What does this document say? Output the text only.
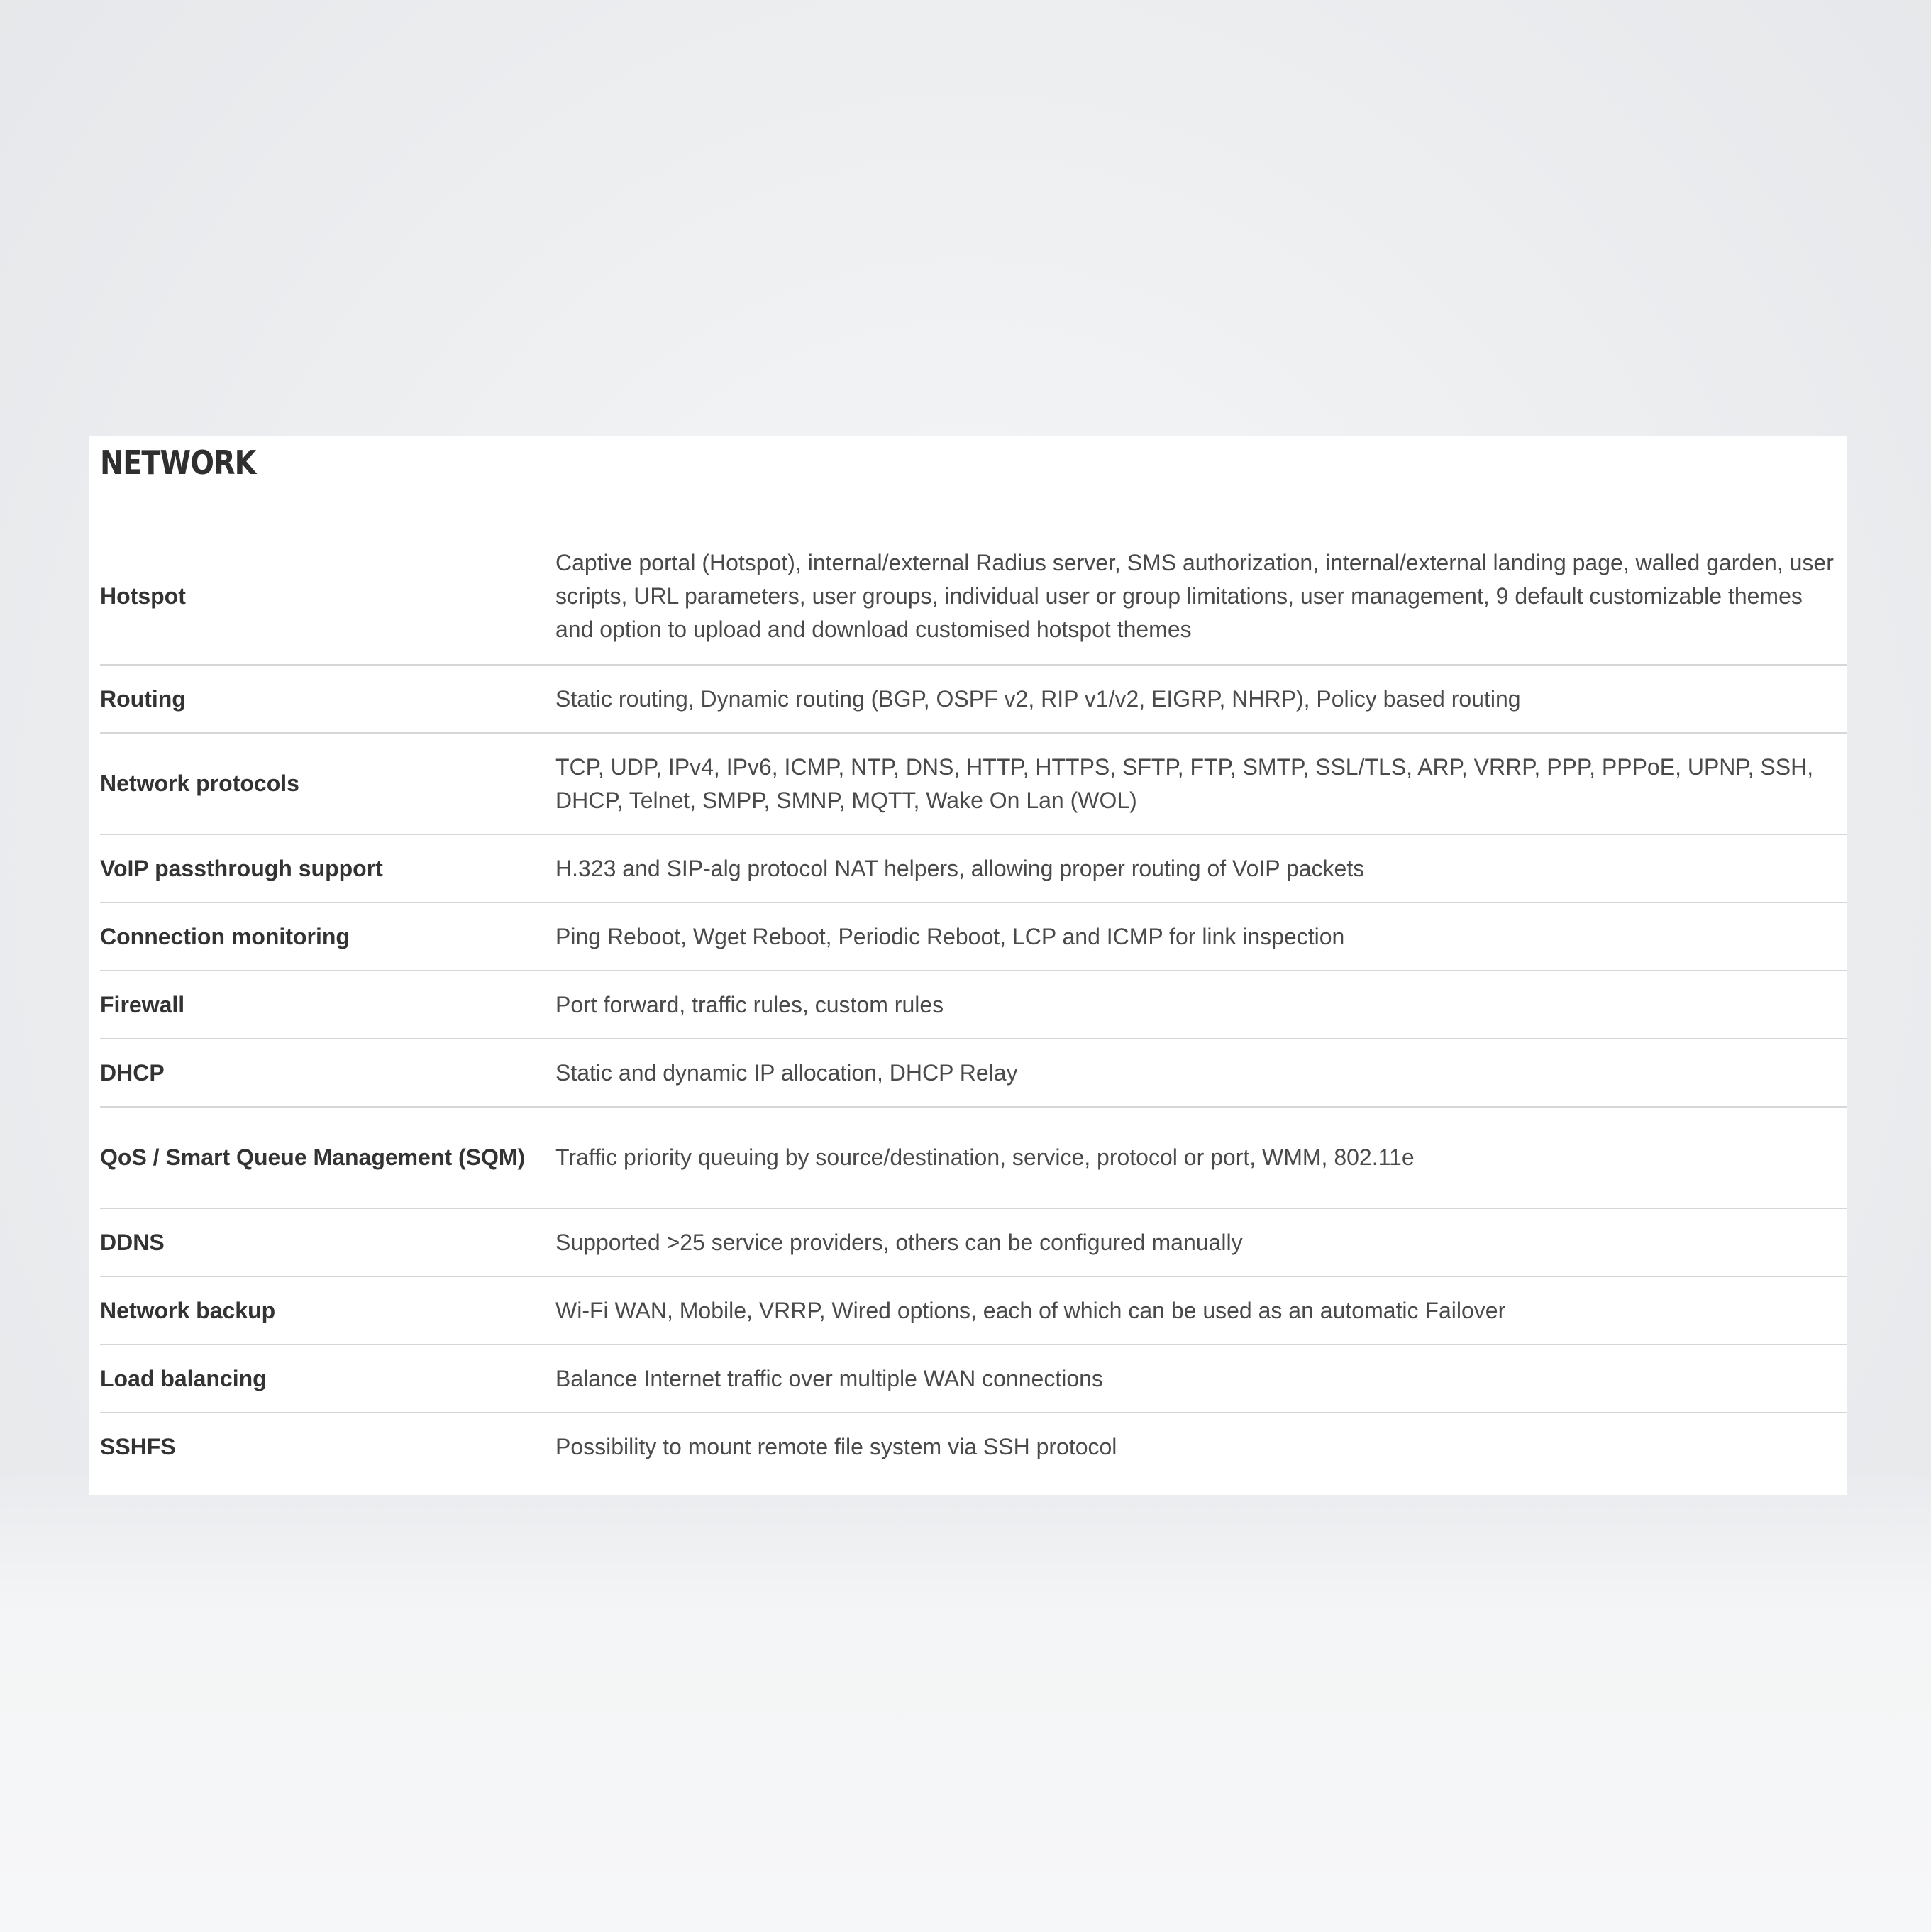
NETWORK
Hotspot	Captive portal (Hotspot), internal/external Radius server, SMS authorization, internal/external landing page, walled garden, user scripts, URL parameters, user groups, individual user or group limitations, user management, 9 default customizable themes and option to upload and download customised hotspot themes
Routing	Static routing, Dynamic routing (BGP, OSPF v2, RIP v1/v2, EIGRP, NHRP), Policy based routing
Network protocols	TCP, UDP, IPv4, IPv6, ICMP, NTP, DNS, HTTP, HTTPS, SFTP, FTP, SMTP, SSL/TLS, ARP, VRRP, PPP, PPPoE, UPNP, SSH, DHCP, Telnet, SMPP, SMNP, MQTT, Wake On Lan (WOL)
VoIP passthrough support	H.323 and SIP-alg protocol NAT helpers, allowing proper routing of VoIP packets
Connection monitoring	Ping Reboot, Wget Reboot, Periodic Reboot, LCP and ICMP for link inspection
Firewall	Port forward, traffic rules, custom rules
DHCP	Static and dynamic IP allocation, DHCP Relay
QoS / Smart Queue Management (SQM)	Traffic priority queuing by source/destination, service, protocol or port, WMM, 802.11e
DDNS	Supported >25 service providers, others can be configured manually
Network backup	Wi-Fi WAN, Mobile, VRRP, Wired options, each of which can be used as an automatic Failover
Load balancing	Balance Internet traffic over multiple WAN connections
SSHFS	Possibility to mount remote file system via SSH protocol
